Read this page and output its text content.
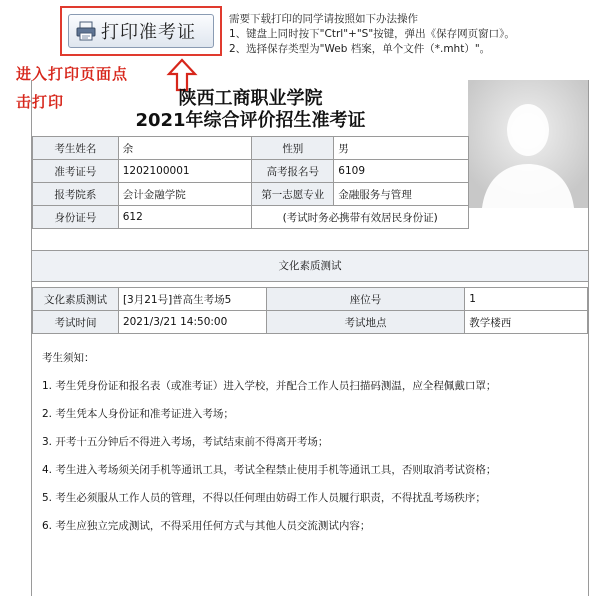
打印准考证
需要下载打印的同学请按照如下办法操作
1、键盘上同时按下"Ctrl"+"S"按键，弹出《保存网页窗口》。
2、选择保存类型为"Web 档案，单个文件（*.mht）"。
进入打印页面点
击打印	陕西工商职业学院
2021年综合评价招生准考证
考生姓名	余	性别	男
准考证号	1202100001	高考报名号	6109
报考院系	会计金融学院	第一志愿专业	金融服务与管理
身份证号	612	(考试时务必携带有效居民身份证)	
文化素质测试
文化素质测试	[3月21号]普高生考场5	座位号	1
考试时间	2021/3/21 14:50:00	考试地点	教学楼西
考生须知：
1. 考生凭身份证和报名表（或准考证）进入学校，并配合工作人员扫描码测温，应全程佩戴口罩；
2. 考生凭本人身份证和准考证进入考场；
3. 开考十五分钟后不得进入考场，考试结束前不得离开考场；
4. 考生进入考场须关闭手机等通讯工具，考试全程禁止使用手机等通讯工具，否则取消考试资格；
5. 考生必须服从工作人员的管理，不得以任何理由妨碍工作人员履行职责，不得扰乱考场秩序；
6. 考生应独立完成测试，不得采用任何方式与其他人员交流测试内容；
